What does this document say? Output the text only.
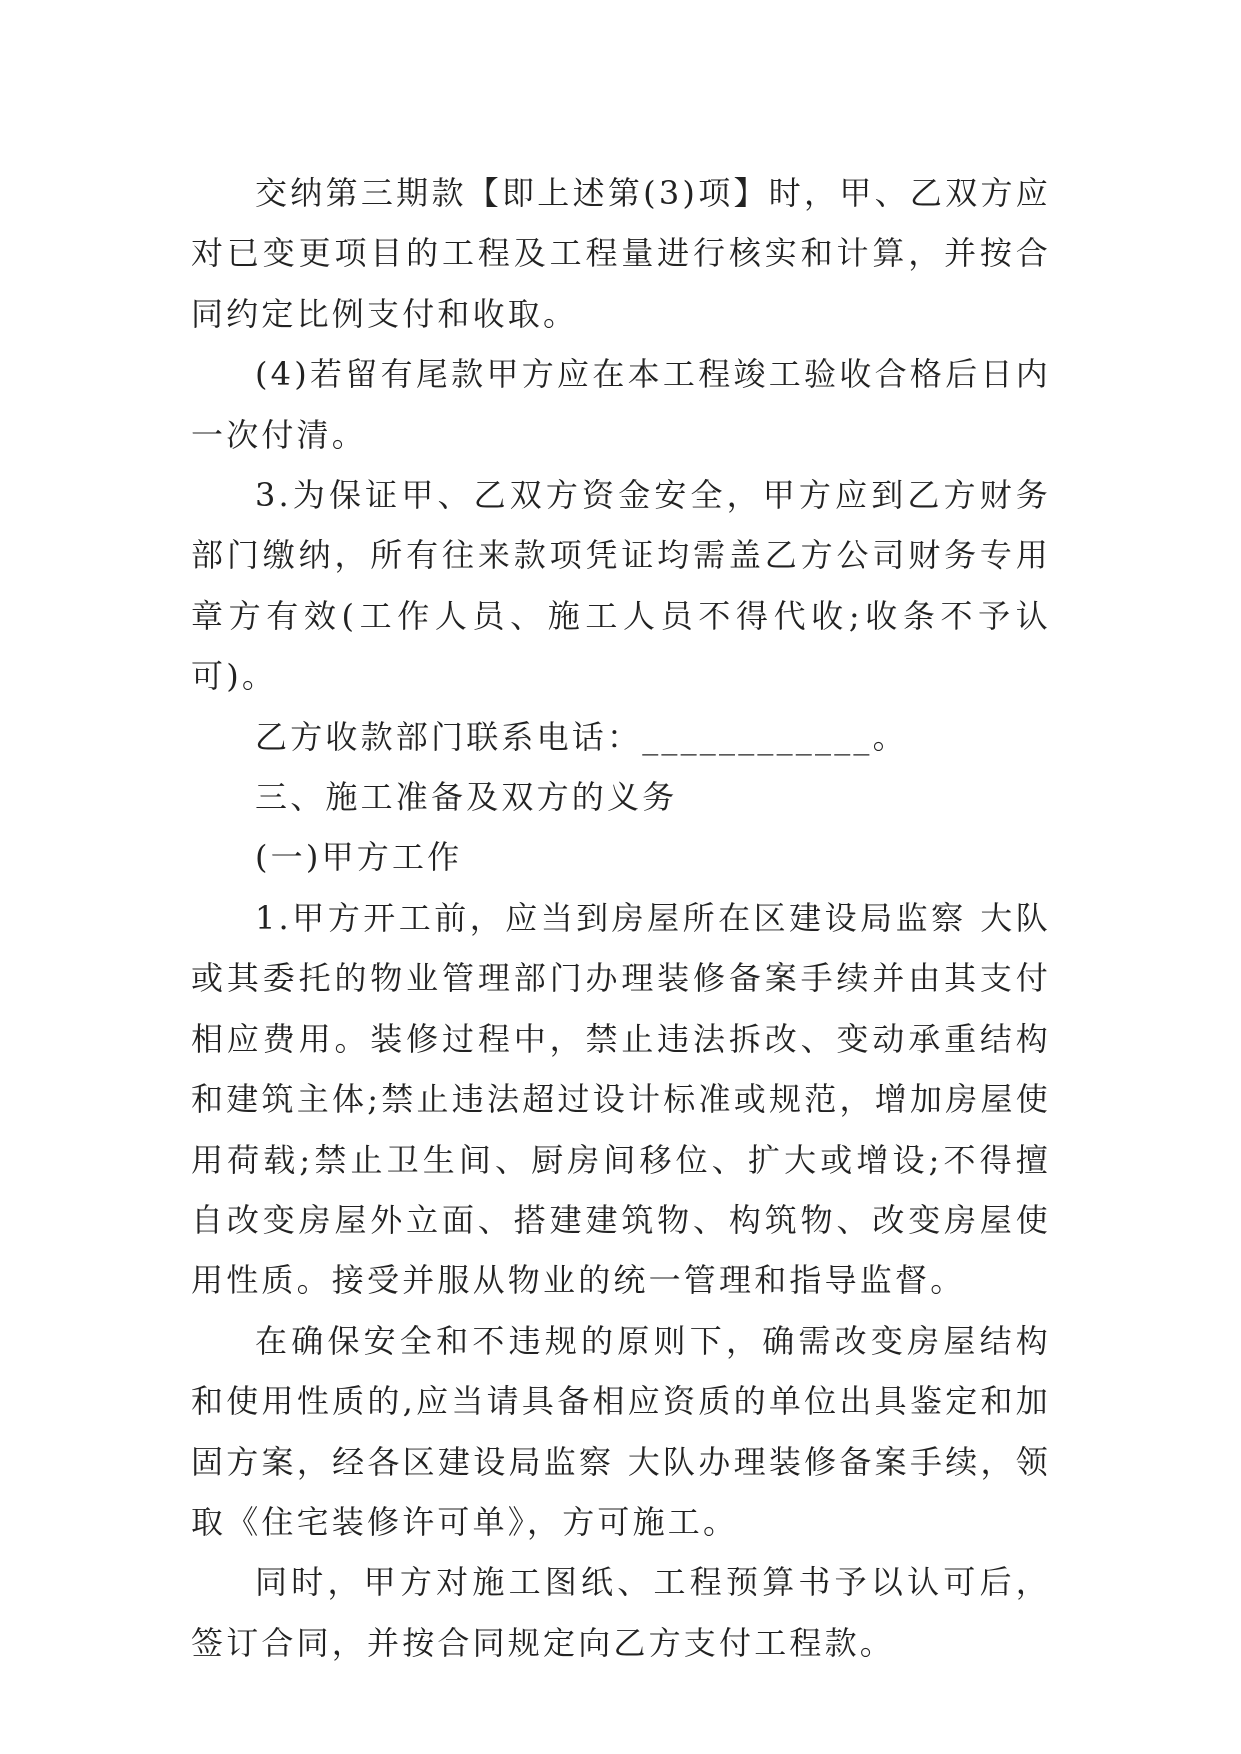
交纳第三期款【即上述第(3)项】时，甲、乙双方应对已变更项目的工程及工程量进行核实和计算，并按合同约定比例支付和收取。

(4)若留有尾款甲方应在本工程竣工验收合格后日内一次付清。

3.为保证甲、乙双方资金安全，甲方应到乙方财务部门缴纳，所有往来款项凭证均需盖乙方公司财务专用章方有效(工作人员、施工人员不得代收;收条不予认可)。

乙方收款部门联系电话：____________。

三、施工准备及双方的义务

(一)甲方工作

1.甲方开工前，应当到房屋所在区建设局监察 大队或其委托的物业管理部门办理装修备案手续并由其支付相应费用。装修过程中，禁止违法拆改、变动承重结构和建筑主体;禁止违法超过设计标准或规范，增加房屋使用荷载;禁止卫生间、厨房间移位、扩大或增设;不得擅自改变房屋外立面、搭建建筑物、构筑物、改变房屋使用性质。接受并服从物业的统一管理和指导监督。

在确保安全和不违规的原则下，确需改变房屋结构和使用性质的,应当请具备相应资质的单位出具鉴定和加固方案，经各区建设局监察 大队办理装修备案手续，领取《住宅装修许可单》，方可施工。

同时，甲方对施工图纸、工程预算书予以认可后，签订合同，并按合同规定向乙方支付工程款。
